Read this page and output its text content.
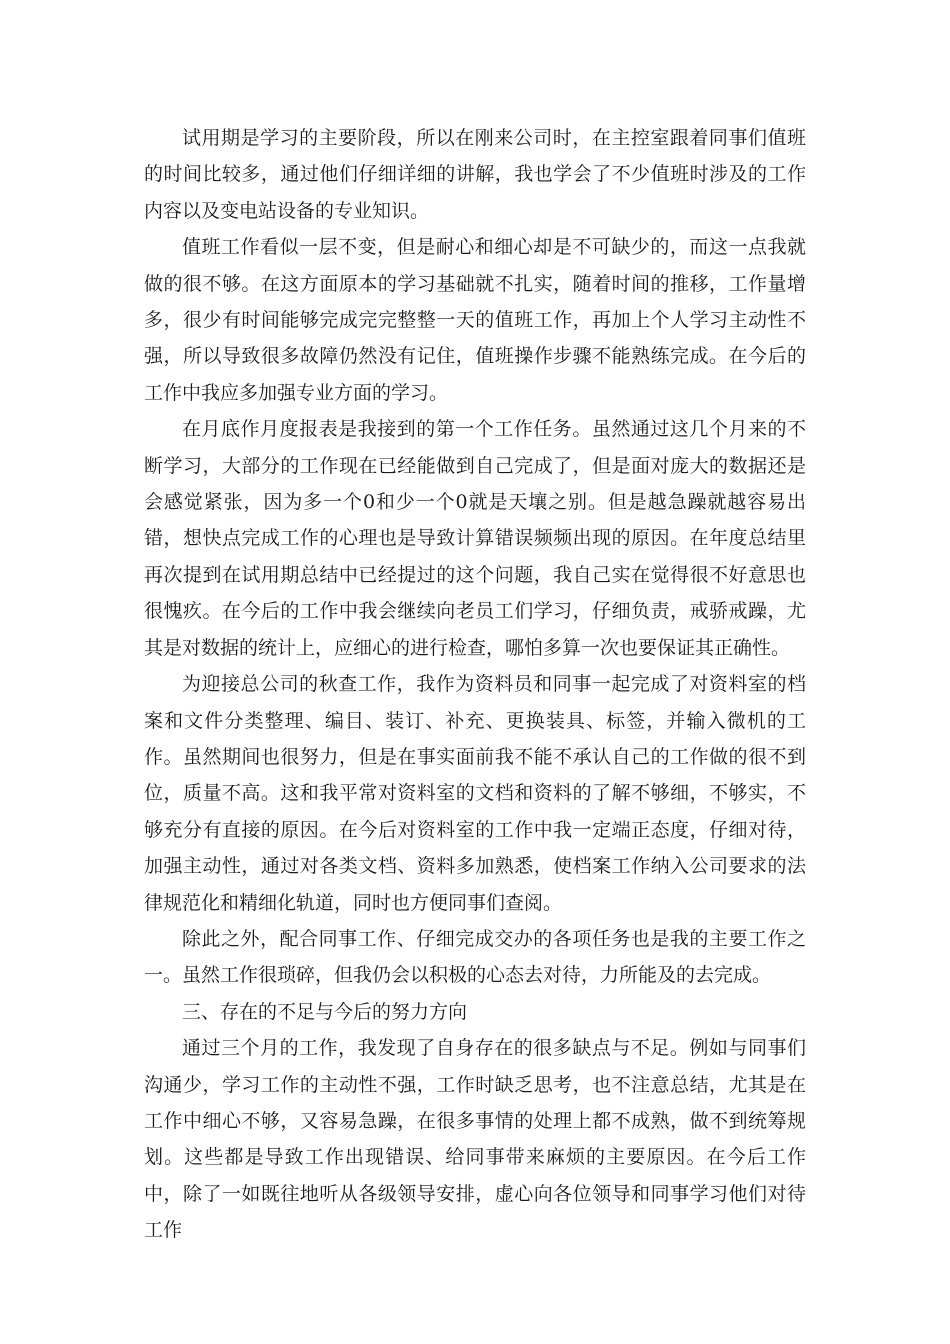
试用期是学习的主要阶段，所以在刚来公司时，在主控室跟着同事们值班的时间比较多，通过他们仔细详细的讲解，我也学会了不少值班时涉及的工作内容以及变电站设备的专业知识。

值班工作看似一层不变，但是耐心和细心却是不可缺少的，而这一点我就做的很不够。在这方面原本的学习基础就不扎实，随着时间的推移，工作量增多，很少有时间能够完成完完整整一天的值班工作，再加上个人学习主动性不强，所以导致很多故障仍然没有记住，值班操作步骤不能熟练完成。在今后的工作中我应多加强专业方面的学习。

在月底作月度报表是我接到的第一个工作任务。虽然通过这几个月来的不断学习，大部分的工作现在已经能做到自己完成了，但是面对庞大的数据还是会感觉紧张，因为多一个0和少一个0就是天壤之别。但是越急躁就越容易出错，想快点完成工作的心理也是导致计算错误频频出现的原因。在年度总结里再次提到在试用期总结中已经提过的这个问题，我自己实在觉得很不好意思也很愧疚。在今后的工作中我会继续向老员工们学习，仔细负责，戒骄戒躁，尤其是对数据的统计上，应细心的进行检查，哪怕多算一次也要保证其正确性。

为迎接总公司的秋查工作，我作为资料员和同事一起完成了对资料室的档案和文件分类整理、编目、装订、补充、更换装具、标签，并输入微机的工作。虽然期间也很努力，但是在事实面前我不能不承认自己的工作做的很不到位，质量不高。这和我平常对资料室的文档和资料的了解不够细，不够实，不够充分有直接的原因。在今后对资料室的工作中我一定端正态度，仔细对待，加强主动性，通过对各类文档、资料多加熟悉，使档案工作纳入公司要求的法律规范化和精细化轨道，同时也方便同事们查阅。

除此之外，配合同事工作、仔细完成交办的各项任务也是我的主要工作之一。虽然工作很琐碎，但我仍会以积极的心态去对待，力所能及的去完成。

三、存在的不足与今后的努力方向

通过三个月的工作，我发现了自身存在的很多缺点与不足。例如与同事们沟通少，学习工作的主动性不强，工作时缺乏思考，也不注意总结，尤其是在工作中细心不够，又容易急躁，在很多事情的处理上都不成熟，做不到统筹规划。这些都是导致工作出现错误、给同事带来麻烦的主要原因。在今后工作中，除了一如既往地听从各级领导安排，虚心向各位领导和同事学习他们对待工作
